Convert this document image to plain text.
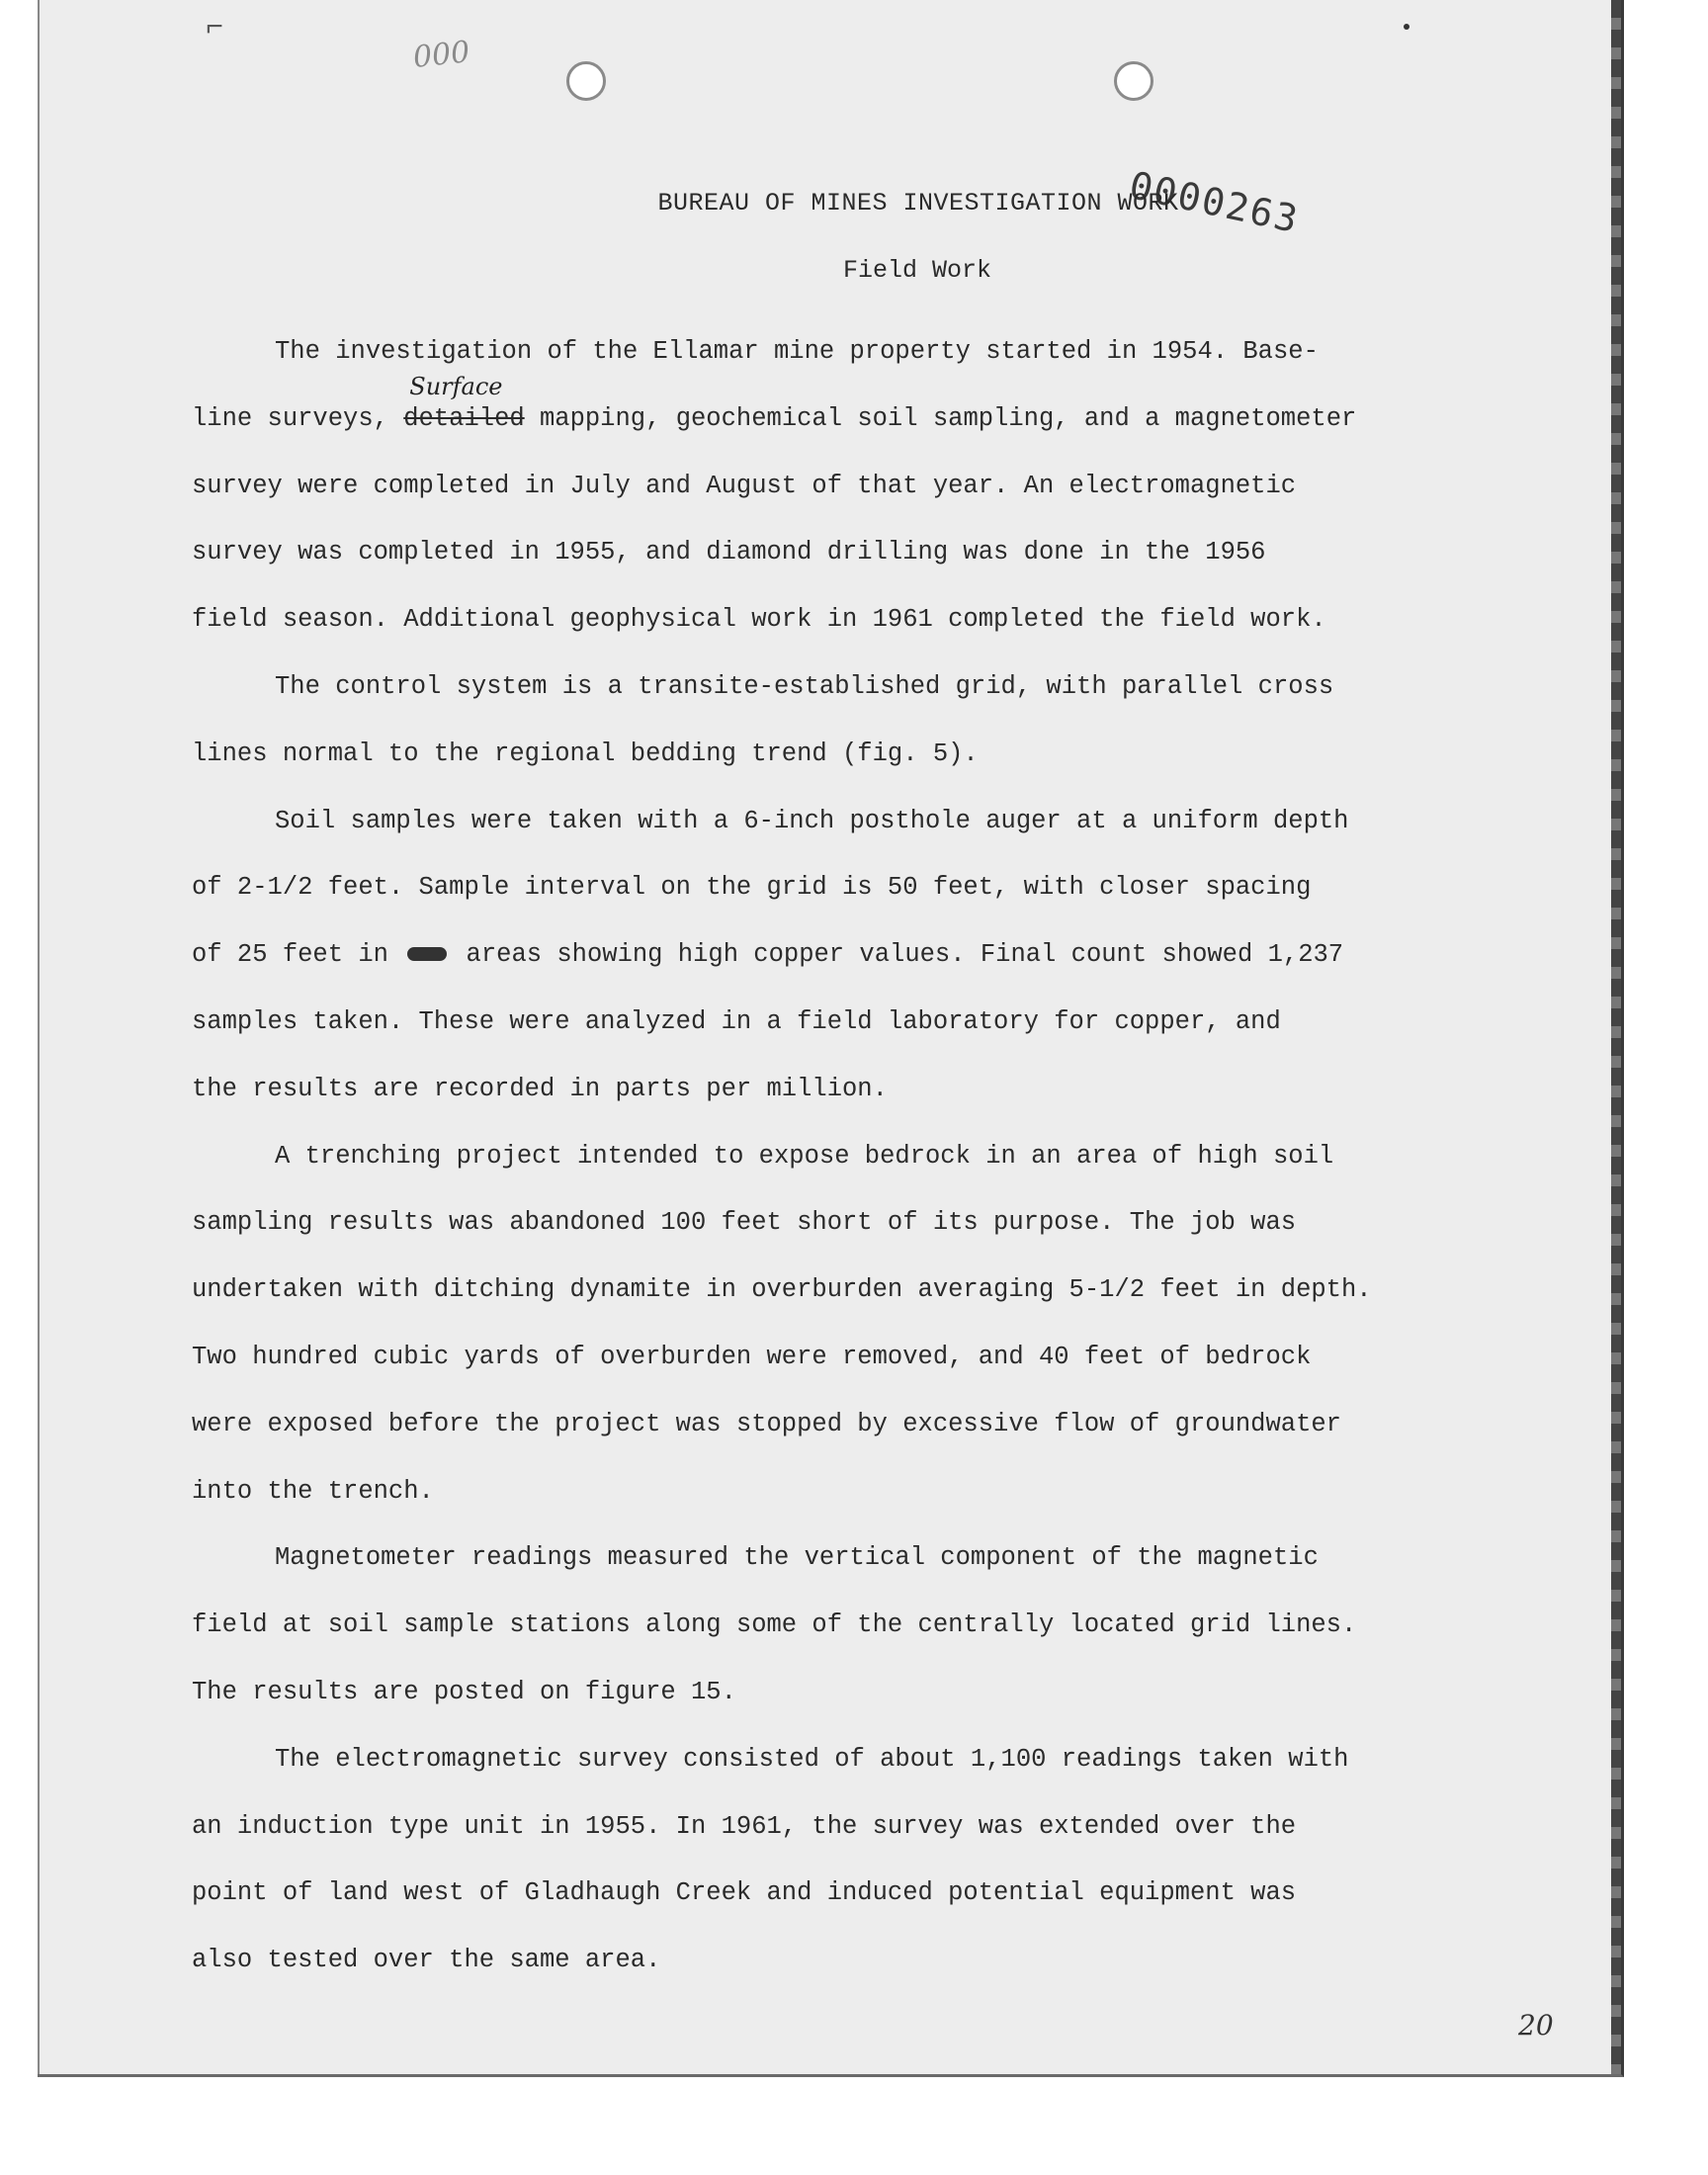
⌐
000
0000263
BUREAU OF MINES INVESTIGATION WORK
Field Work

The investigation of the Ellamar mine property started in 1954. Base-
line surveys,
Surface
detailed mapping, geochemical soil sampling, and a magnetometer
survey were completed in July and August of that year. An electromagnetic
survey was completed in 1955, and diamond drilling was done in the 1956
field season. Additional geophysical work in 1961 completed the field work.

The control system is a transite-established grid, with parallel cross
lines normal to the regional bedding trend (fig. 5).

Soil samples were taken with a 6-inch posthole auger at a uniform depth
of 2-1/2 feet. Sample interval on the grid is 50 feet, with closer spacing
of 25 feet in  areas showing high copper values. Final count showed 1,237
samples taken. These were analyzed in a field laboratory for copper, and
the results are recorded in parts per million.

A trenching project intended to expose bedrock in an area of high soil
sampling results was abandoned 100 feet short of its purpose. The job was
undertaken with ditching dynamite in overburden averaging 5-1/2 feet in depth.
Two hundred cubic yards of overburden were removed, and 40 feet of bedrock
were exposed before the project was stopped by excessive flow of groundwater
into the trench.

Magnetometer readings measured the vertical component of the magnetic
field at soil sample stations along some of the centrally located grid lines.
The results are posted on figure 15.

The electromagnetic survey consisted of about 1,100 readings taken with
an induction type unit in 1955. In 1961, the survey was extended over the
point of land west of Gladhaugh Creek and induced potential equipment was
also tested over the same area.

20
